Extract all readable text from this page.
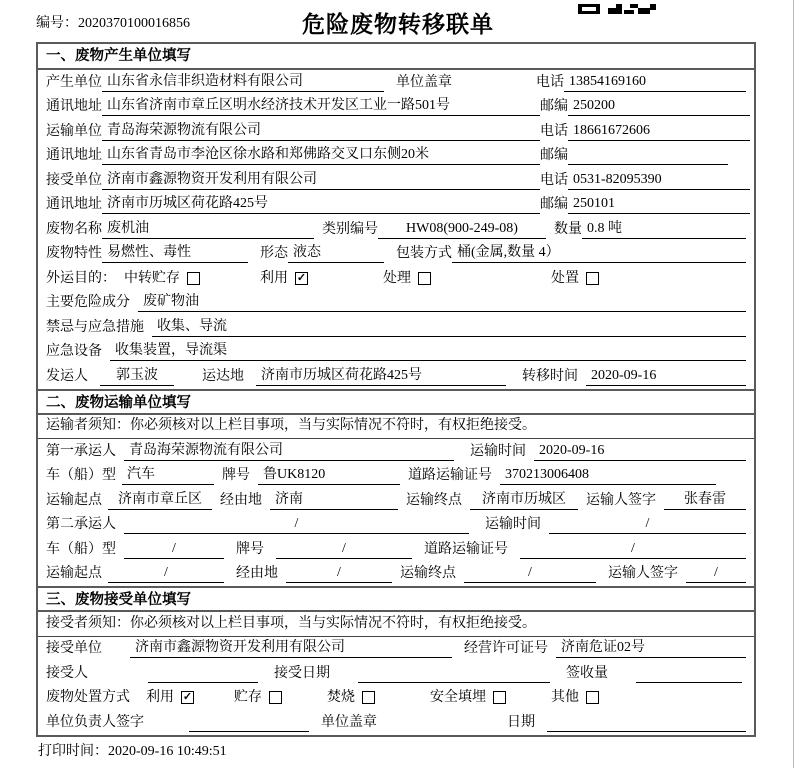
编号：2020370100016856	危险废物转移联单
一、废物产生单位填写
产生单位 山东省永信非织造材料有限公司	单位盖章	电话 13854169160
通讯地址 山东省济南市章丘区明水经济技术开发区工业一路501号	邮编 250200
运输单位 青岛海荣源物流有限公司	电话 18661672606
通讯地址 山东省青岛市李沧区徐水路和郑佛路交叉口东侧20米	邮编
接受单位 济南市鑫源物资开发利用有限公司	电话 0531-82095390
通讯地址 济南市历城区荷花路425号	邮编 250101
废物名称 废机油	类别编号	HW08(900-249-08)	数量 0.8 吨
废物特性 易燃性、毒性	形态 液态	包装方式 桶(金属,数量 4）
外运目的： 中转贮存	利用 ✓	处理	处置
主要危险成分 废矿物油
禁忌与应急措施 收集、导流
应急设备 收集装置，导流渠
发运人	郭玉波	运达地	济南市历城区荷花路425号	转移时间 2020-09-16
二、废物运输单位填写
运输者须知： 你必须核对以上栏目事项，当与实际情况不符时，有权拒绝接受。
第一承运人 青岛海荣源物流有限公司	运输时间 2020-09-16
车（船）型 汽车	牌号 鲁UK8120	道路运输证号 370213006408
运输起点	济南市章丘区	经由地 济南	运输终点	济南市历城区	运输人签字	张春雷
第二承运人	/	运输时间	/
车（船）型	/	牌号	/	道路运输证号	/
运输起点	/	经由地	/	运输终点	/	运输人签字	/
三、废物接受单位填写
接受者须知： 你必须核对以上栏目事项，当与实际情况不符时，有权拒绝接受。
接受单位	济南市鑫源物资开发利用有限公司	经营许可证号 济南危证02号
接受人	接受日期	签收量
废物处置方式 利用 ✓	贮存	焚烧	安全填埋	其他
单位负责人签字	单位盖章	日期
打印时间：2020-09-16 10:49:51
